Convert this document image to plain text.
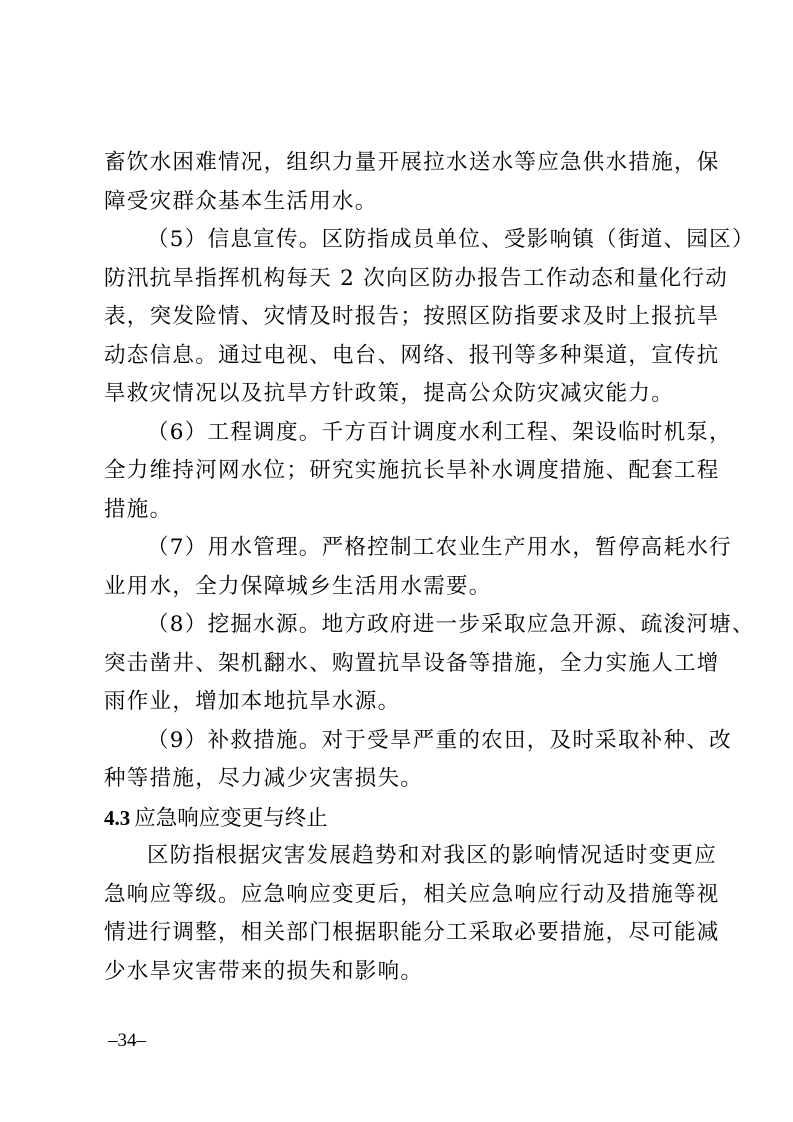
畜饮水困难情况，组织力量开展拉水送水等应急供水措施，保
障受灾群众基本生活用水。
（5）信息宣传。区防指成员单位、受影响镇（街道、园区）
防汛抗旱指挥机构每天 2 次向区防办报告工作动态和量化行动
表，突发险情、灾情及时报告；按照区防指要求及时上报抗旱
动态信息。通过电视、电台、网络、报刊等多种渠道，宣传抗
旱救灾情况以及抗旱方针政策，提高公众防灾减灾能力。
（6）工程调度。千方百计调度水利工程、架设临时机泵，
全力维持河网水位；研究实施抗长旱补水调度措施、配套工程
措施。
（7）用水管理。严格控制工农业生产用水，暂停高耗水行
业用水，全力保障城乡生活用水需要。
（8）挖掘水源。地方政府进一步采取应急开源、疏浚河塘、
突击凿井、架机翻水、购置抗旱设备等措施，全力实施人工增
雨作业，增加本地抗旱水源。
（9）补救措施。对于受旱严重的农田，及时采取补种、改
种等措施，尽力减少灾害损失。
4.3 应急响应变更与终止
区防指根据灾害发展趋势和对我区的影响情况适时变更应
急响应等级。应急响应变更后，相关应急响应行动及措施等视
情进行调整，相关部门根据职能分工采取必要措施，尽可能减
少水旱灾害带来的损失和影响。
–34–
